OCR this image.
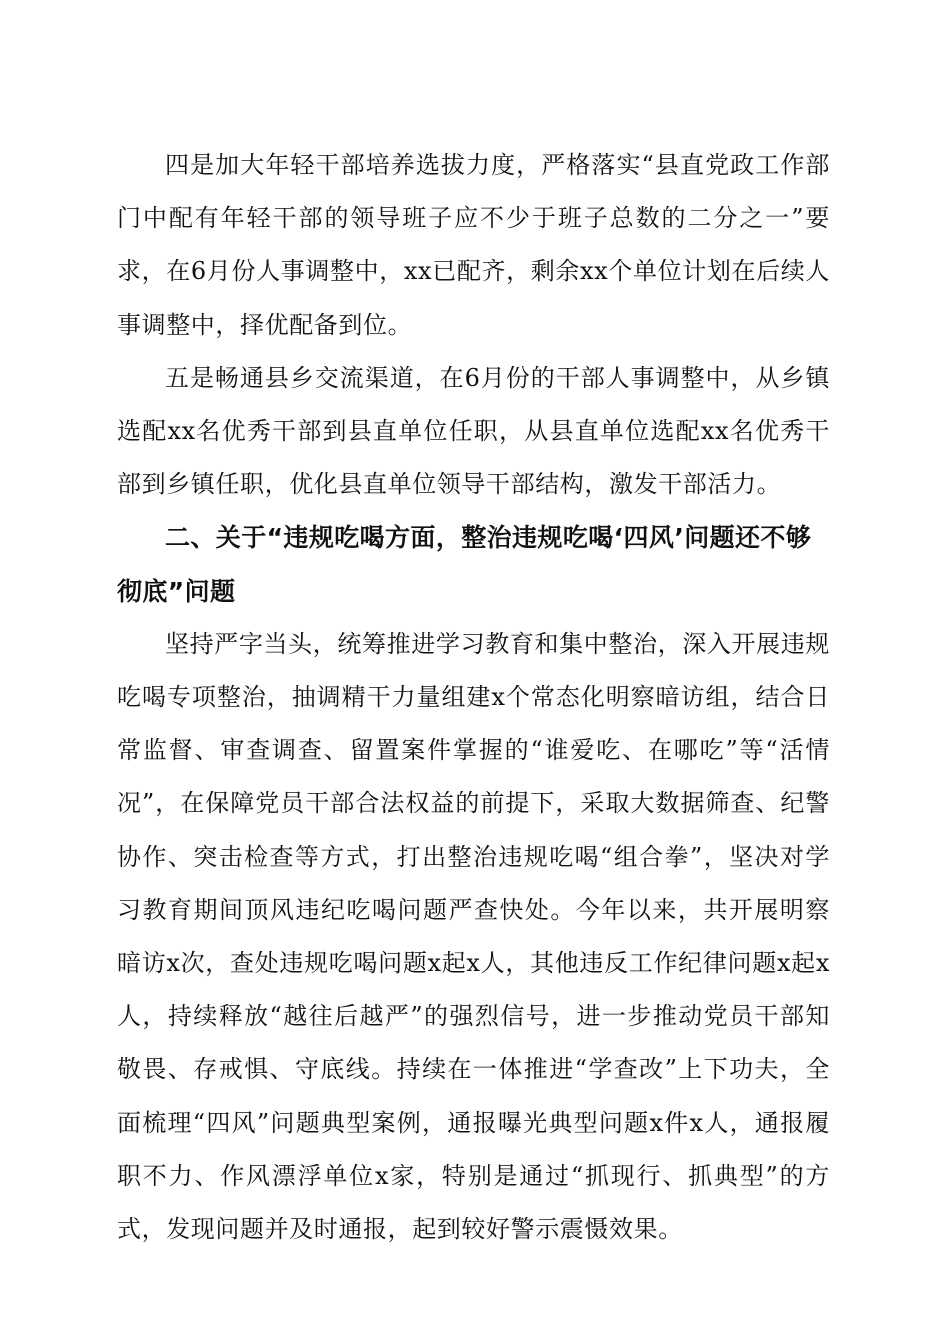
四是加大年轻干部培养选拔力度，严格落实“县直党政工作部门中配有年轻干部的领导班子应不少于班子总数的二分之一”要求，在6月份人事调整中，xx已配齐，剩余xx个单位计划在后续人事调整中，择优配备到位。

五是畅通县乡交流渠道，在6月份的干部人事调整中，从乡镇选配xx名优秀干部到县直单位任职，从县直单位选配xx名优秀干部到乡镇任职，优化县直单位领导干部结构，激发干部活力。

二、关于“违规吃喝方面，整治违规吃喝‘四风’问题还不够彻底”问题

坚持严字当头，统筹推进学习教育和集中整治，深入开展违规吃喝专项整治，抽调精干力量组建x个常态化明察暗访组，结合日常监督、审查调查、留置案件掌握的“谁爱吃、在哪吃”等“活情况”，在保障党员干部合法权益的前提下，采取大数据筛查、纪警协作、突击检查等方式，打出整治违规吃喝“组合拳”，坚决对学习教育期间顶风违纪吃喝问题严查快处。今年以来，共开展明察暗访x次，查处违规吃喝问题x起x人，其他违反工作纪律问题x起x人，持续释放“越往后越严”的强烈信号，进一步推动党员干部知敬畏、存戒惧、守底线。持续在一体推进“学查改”上下功夫，全面梳理“四风”问题典型案例，通报曝光典型问题x件x人，通报履职不力、作风漂浮单位x家，特别是通过“抓现行、抓典型”的方式，发现问题并及时通报，起到较好警示震慑效果。
